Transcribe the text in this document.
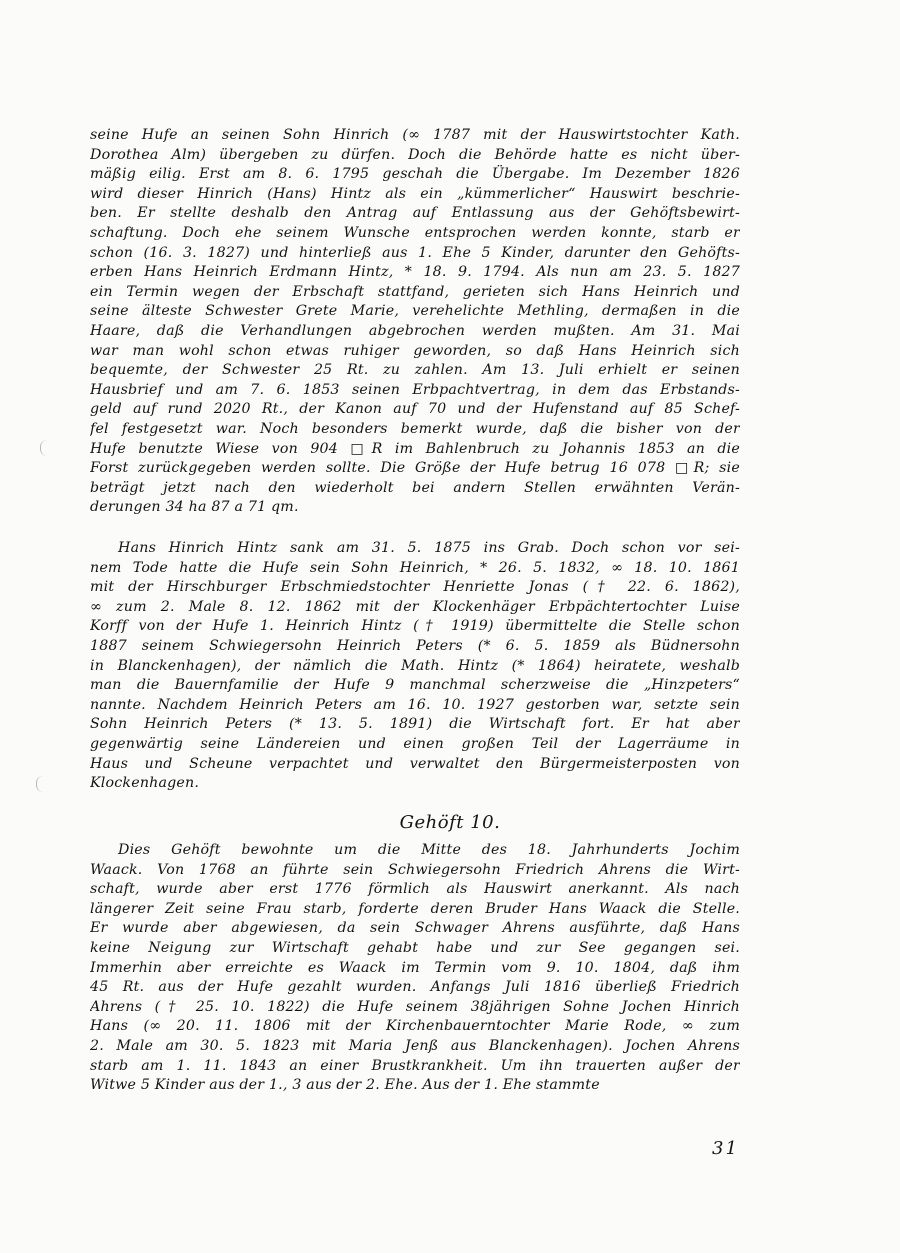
seine Hufe an seinen Sohn Hinrich (∞ 1787 mit der Hauswirtstochter Kath.
Dorothea Alm) übergeben zu dürfen. Doch die Behörde hatte es nicht über-
mäßig eilig. Erst am 8. 6. 1795 geschah die Übergabe. Im Dezember 1826
wird dieser Hinrich (Hans) Hintz als ein „kümmerlicher“ Hauswirt beschrie-
ben. Er stellte deshalb den Antrag auf Entlassung aus der Gehöftsbewirt-
schaftung. Doch ehe seinem Wunsche entsprochen werden konnte, starb er
schon (16. 3. 1827) und hinterließ aus 1. Ehe 5 Kinder, darunter den Gehöfts-
erben Hans Heinrich Erdmann Hintz, * 18. 9. 1794. Als nun am 23. 5. 1827
ein Termin wegen der Erbschaft stattfand, gerieten sich Hans Heinrich und
seine älteste Schwester Grete Marie, verehelichte Methling, dermaßen in die
Haare, daß die Verhandlungen abgebrochen werden mußten. Am 31. Mai
war man wohl schon etwas ruhiger geworden, so daß Hans Heinrich sich
bequemte, der Schwester 25 Rt. zu zahlen. Am 13. Juli erhielt er seinen
Hausbrief und am 7. 6. 1853 seinen Erbpachtvertrag, in dem das Erbstands-
geld auf rund 2020 Rt., der Kanon auf 70 und der Hufenstand auf 85 Schef-
fel festgesetzt war. Noch besonders bemerkt wurde, daß die bisher von der
Hufe benutzte Wiese von 904 □R im Bahlenbruch zu Johannis 1853 an die
Forst zurückgegeben werden sollte. Die Größe der Hufe betrug 16 078 □R; sie
beträgt jetzt nach den wiederholt bei andern Stellen erwähnten Verän-
derungen 34 ha 87 a 71 qm.
Hans Hinrich Hintz sank am 31. 5. 1875 ins Grab. Doch schon vor sei-
nem Tode hatte die Hufe sein Sohn Heinrich, * 26. 5. 1832, ∞ 18. 10. 1861
mit der Hirschburger Erbschmiedstochter Henriette Jonas († 22. 6. 1862),
∞ zum 2. Male 8. 12. 1862 mit der Klockenhäger Erbpächtertochter Luise
Korff von der Hufe 1. Heinrich Hintz († 1919) übermittelte die Stelle schon
1887 seinem Schwiegersohn Heinrich Peters (* 6. 5. 1859 als Büdnersohn
in Blanckenhagen), der nämlich die Math. Hintz (* 1864) heiratete, weshalb
man die Bauernfamilie der Hufe 9 manchmal scherzweise die „Hinzpeters“
nannte. Nachdem Heinrich Peters am 16. 10. 1927 gestorben war, setzte sein
Sohn Heinrich Peters (* 13. 5. 1891) die Wirtschaft fort. Er hat aber
gegenwärtig seine Ländereien und einen großen Teil der Lagerräume in
Haus und Scheune verpachtet und verwaltet den Bürgermeisterposten von
Klockenhagen.
Gehöft 10.
Dies Gehöft bewohnte um die Mitte des 18. Jahrhunderts Jochim
Waack. Von 1768 an führte sein Schwiegersohn Friedrich Ahrens die Wirt-
schaft, wurde aber erst 1776 förmlich als Hauswirt anerkannt. Als nach
längerer Zeit seine Frau starb, forderte deren Bruder Hans Waack die Stelle.
Er wurde aber abgewiesen, da sein Schwager Ahrens ausführte, daß Hans
keine Neigung zur Wirtschaft gehabt habe und zur See gegangen sei.
Immerhin aber erreichte es Waack im Termin vom 9. 10. 1804, daß ihm
45 Rt. aus der Hufe gezahlt wurden. Anfangs Juli 1816 überließ Friedrich
Ahrens († 25. 10. 1822) die Hufe seinem 38jährigen Sohne Jochen Hinrich
Hans (∞ 20. 11. 1806 mit der Kirchenbauerntochter Marie Rode, ∞ zum
2. Male am 30. 5. 1823 mit Maria Jenß aus Blanckenhagen). Jochen Ahrens
starb am 1. 11. 1843 an einer Brustkrankheit. Um ihn trauerten außer der
Witwe 5 Kinder aus der 1., 3 aus der 2. Ehe. Aus der 1. Ehe stammte
31
